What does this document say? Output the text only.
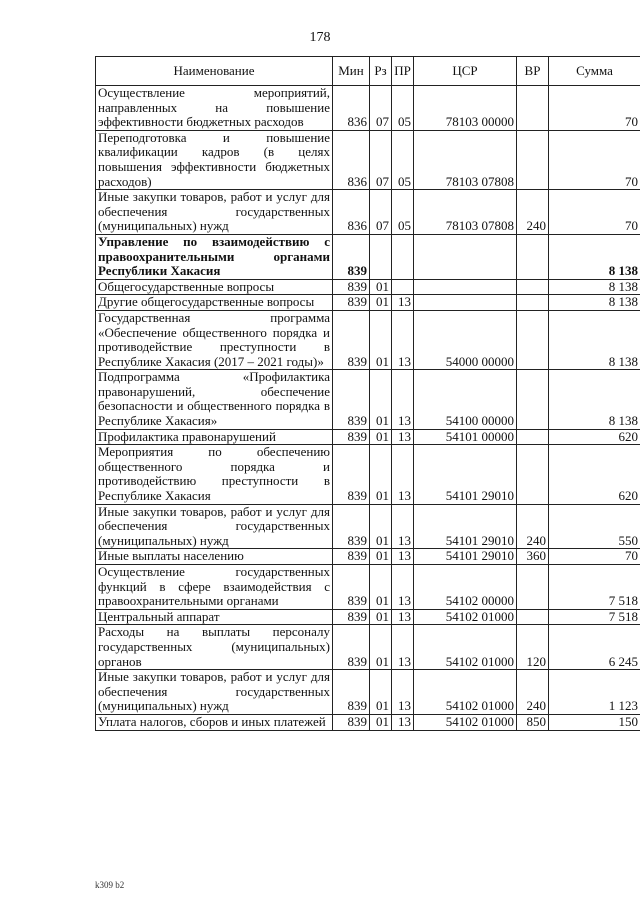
178
Наименование	Мин	Рз	ПР	ЦСР	ВР	Сумма
Осуществление мероприятий, направленных на повышение эффективности бюджетных расходов	836	07	05	78103 00000		70
Переподготовка и повышение квалификации кадров (в целях повышения эффективности бюджетных расходов)	836	07	05	78103 07808		70
Иные закупки товаров, работ и услуг для обеспечения государственных (муниципальных) нужд	836	07	05	78103 07808	240	70
Управление по взаимодействию с правоохранительными органами Республики Хакасия	839					8 138
Общегосударственные вопросы	839	01				8 138
Другие общегосударственные вопросы	839	01	13			8 138
Государственная программа «Обеспечение общественного порядка и противодействие преступности в Республике Хакасия (2017 – 2021 годы)»	839	01	13	54000 00000		8 138
Подпрограмма «Профилактика правонарушений, обеспечение безопасности и общественного порядка в Республике Хакасия»	839	01	13	54100 00000		8 138
Профилактика правонарушений	839	01	13	54101 00000		620
Мероприятия по обеспечению общественного порядка и противодействию преступности в Республике Хакасия	839	01	13	54101 29010		620
Иные закупки товаров, работ и услуг для обеспечения государственных (муниципальных) нужд	839	01	13	54101 29010	240	550
Иные выплаты населению	839	01	13	54101 29010	360	70
Осуществление государственных функций в сфере взаимодействия с правоохранительными органами	839	01	13	54102 00000		7 518
Центральный аппарат	839	01	13	54102 01000		7 518
Расходы на выплаты персоналу государственных (муниципальных) органов	839	01	13	54102 01000	120	6 245
Иные закупки товаров, работ и услуг для обеспечения государственных (муниципальных) нужд	839	01	13	54102 01000	240	1 123
Уплата налогов, сборов и иных платежей	839	01	13	54102 01000	850	150
k309 b2
